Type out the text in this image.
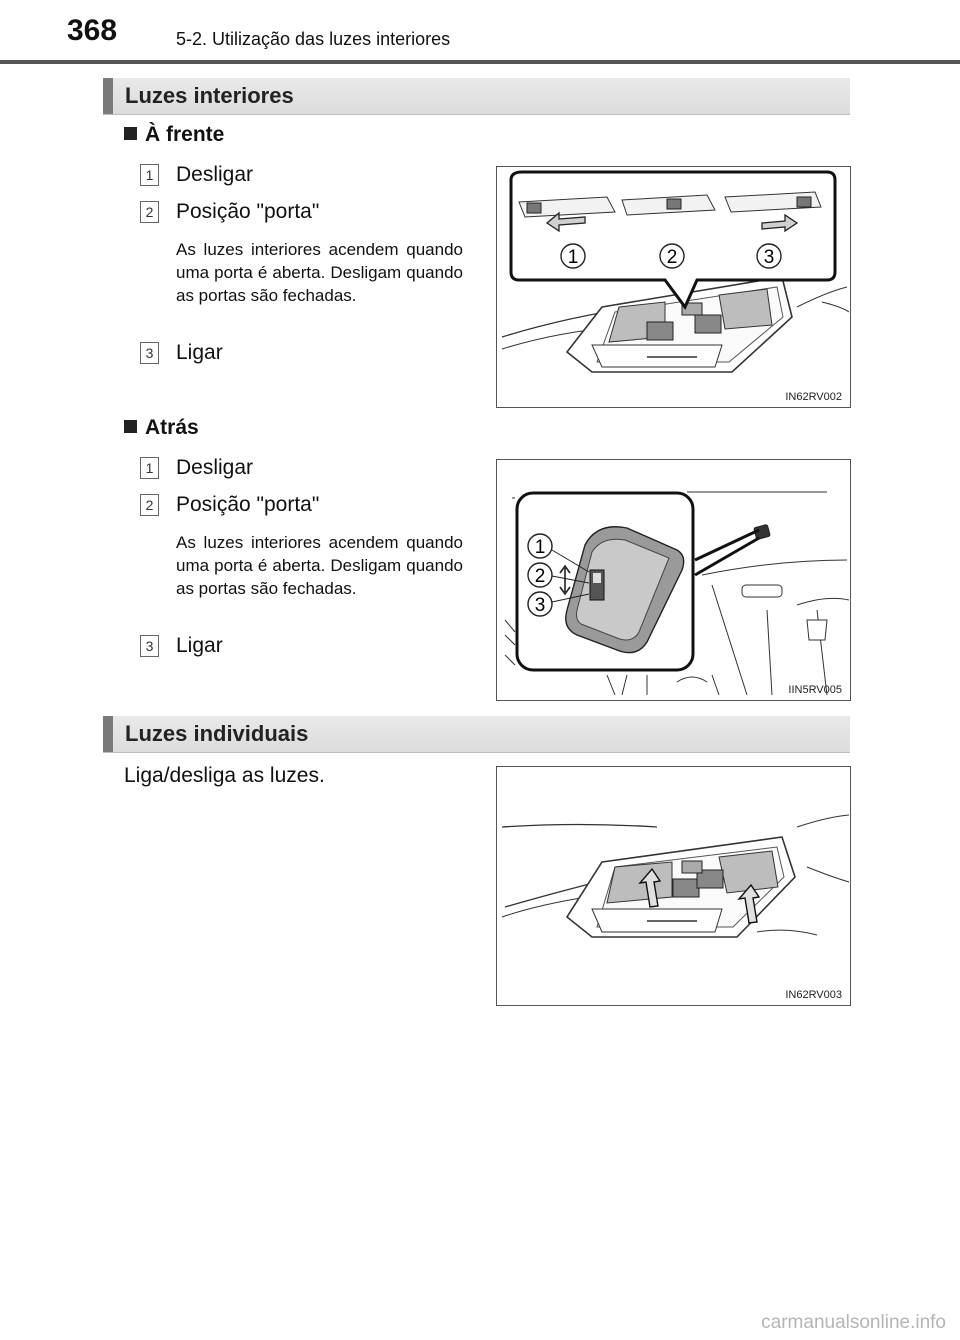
368	5-2. Utilização das luzes interiores
Luzes interiores
À frente
1 Desligar
2 Posição "porta"
As luzes interiores acendem quando uma porta é aberta. Desligam quando as portas são fechadas.
3 Ligar
1	2	3
IN62RV002
Atrás
1 Desligar
2 Posição "porta"
As luzes interiores acendem quando uma porta é aberta. Desligam quando as portas são fechadas.
3 Ligar
1
2
3
IIN5RV005
Luzes individuais
Liga/desliga as luzes.
IN62RV003
carmanualsonline.info
